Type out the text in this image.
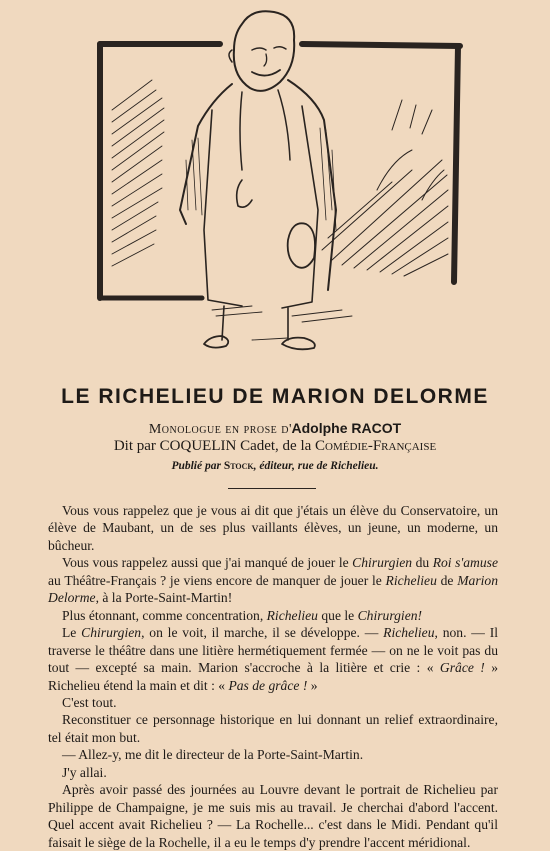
LE RICHELIEU DE MARION DELORME

Monologue en prose d'Adolphe RACOT

Dit par COQUELIN Cadet, de la Comédie-Française

Publié par Stock, éditeur, rue de Richelieu.

Vous vous rappelez que je vous ai dit que j'étais un élève du Conservatoire, un élève de Maubant, un de ses plus vaillants élèves, un jeune, un moderne, un bûcheur.

Vous vous rappelez aussi que j'ai manqué de jouer le Chirurgien du Roi s'amuse au Théâtre-Français ? je viens encore de manquer de jouer le Richelieu de Marion Delorme, à la Porte-Saint-Martin!

Plus étonnant, comme concentration, Richelieu que le Chirurgien!

Le Chirurgien, on le voit, il marche, il se développe. — Richelieu, non. — Il traverse le théâtre dans une litière hermétiquement fermée — on ne le voit pas du tout — excepté sa main. Marion s'accroche à la litière et crie : « Grâce ! » Richelieu étend la main et dit : « Pas de grâce ! »

C'est tout.

Reconstituer ce personnage historique en lui donnant un relief extraordinaire, tel était mon but.

— Allez-y, me dit le directeur de la Porte-Saint-Martin.

J'y allai.

Après avoir passé des journées au Louvre devant le portrait de Richelieu par Philippe de Champaigne, je me suis mis au travail. Je cherchai d'abord l'accent. Quel accent avait Richelieu ? — La Rochelle... c'est dans le Midi. Pendant qu'il faisait le siège de la Rochelle, il a eu le temps d'y prendre l'accent méridional.
